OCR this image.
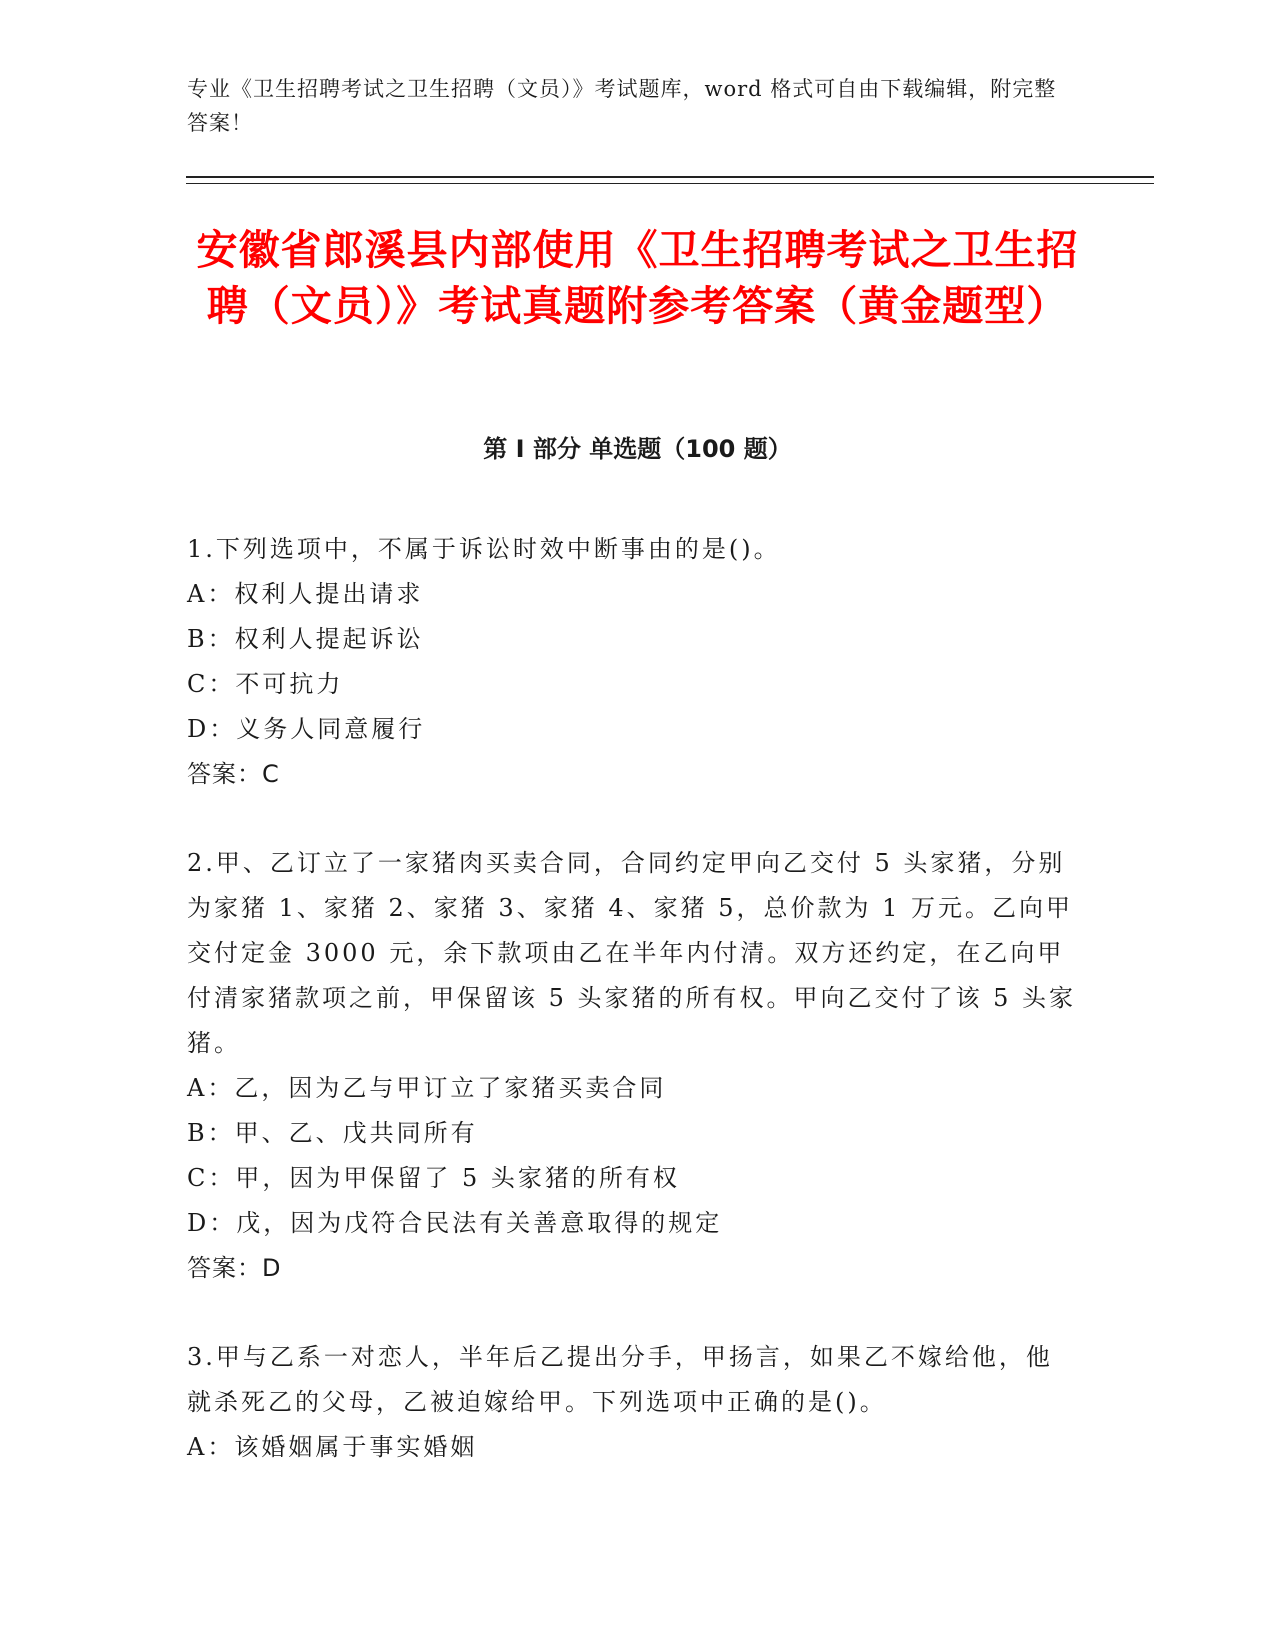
专业《卫生招聘考试之卫生招聘（文员）》考试题库，word 格式可自由下载编辑，附完整答案！
安徽省郎溪县内部使用《卫生招聘考试之卫生招聘（文员）》考试真题附参考答案（黄金题型）
第 I 部分 单选题（100 题）

1.下列选项中，不属于诉讼时效中断事由的是()。

A：权利人提出请求

B：权利人提起诉讼

C：不可抗力

D：义务人同意履行

答案：C

2.甲、乙订立了一家猪肉买卖合同，合同约定甲向乙交付 5 头家猪，分别为家猪 1、家猪 2、家猪 3、家猪 4、家猪 5，总价款为 1 万元。乙向甲交付定金 3000 元，余下款项由乙在半年内付清。双方还约定，在乙向甲付清家猪款项之前，甲保留该 5 头家猪的所有权。甲向乙交付了该 5 头家猪。

A：乙，因为乙与甲订立了家猪买卖合同

B：甲、乙、戊共同所有

C：甲，因为甲保留了 5 头家猪的所有权

D：戊，因为戊符合民法有关善意取得的规定

答案：D

3.甲与乙系一对恋人，半年后乙提出分手，甲扬言，如果乙不嫁给他，他就杀死乙的父母，乙被迫嫁给甲。下列选项中正确的是()。

A：该婚姻属于事实婚姻
